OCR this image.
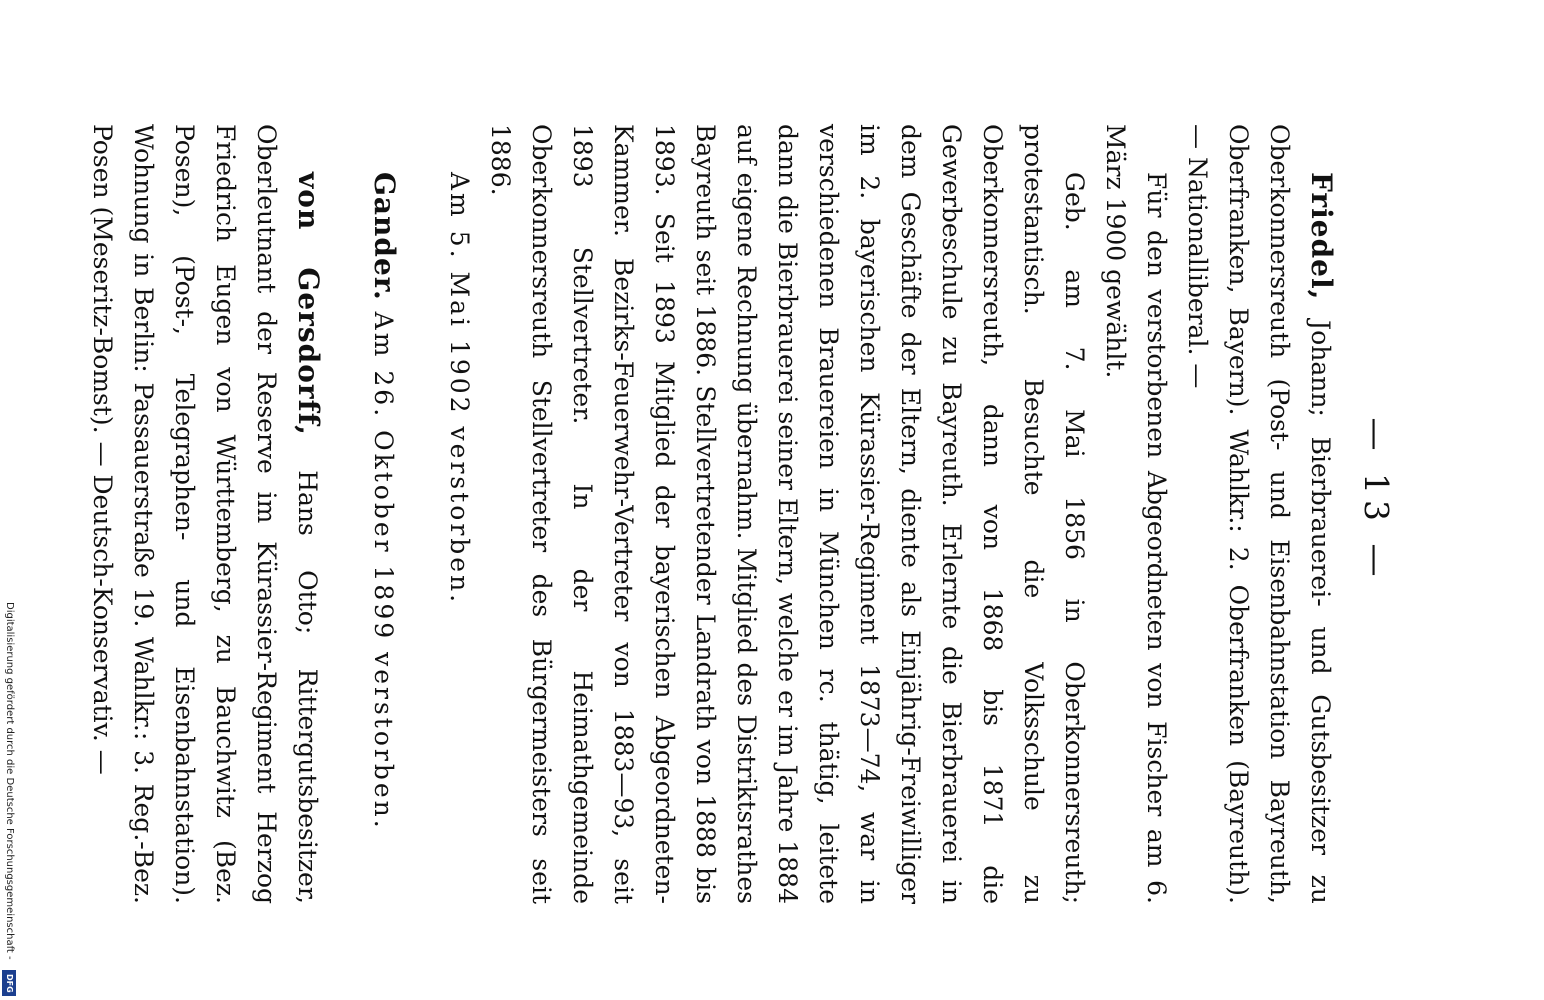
— 13 —

Friedel, Johann; Bierbrauerei- und Gutsbesitzer zu Oberkonnersreuth (Post- und Eisenbahnstation Bayreuth, Oberfranken, Bayern). Wahlkr.: 2. Oberfranken (Bayreuth). — Nationalliberal. —

Für den verstorbenen Abgeordneten von Fischer am 6. März 1900 gewählt.

Geb. am 7. Mai 1856 in Oberkonnersreuth; protestantisch. Besuchte die Volksschule zu Oberkonnersreuth, dann von 1868 bis 1871 die Gewerbeschule zu Bayreuth. Erlernte die Bierbrauerei in dem Geschäfte der Eltern, diente als Einjährig-Freiwilliger im 2. bayerischen Kürassier-Regiment 1873—74, war in verschiedenen Brauereien in München rc. thätig, leitete dann die Bierbrauerei seiner Eltern, welche er im Jahre 1884 auf eigene Rechnung übernahm. Mitglied des Distriktsrathes Bayreuth seit 1886. Stellvertretender Landrath von 1888 bis 1893. Seit 1893 Mitglied der bayerischen Abgeordneten-Kammer. Bezirks-Feuerwehr-Vertreter von 1883—93, seit 1893 Stellvertreter. In der Heimathgemeinde Oberkonnersreuth Stellvertreter des Bürgermeisters seit 1886.

Am 5. Mai 1902 verstorben.

Gander. Am 26. Oktober 1899 verstorben.

von Gersdorff, Hans Otto; Rittergutsbesitzer, Oberleutnant der Reserve im Kürassier-Regiment Herzog Friedrich Eugen von Württemberg, zu Bauchwitz (Bez. Posen), (Post-, Telegraphen- und Eisenbahnstation). Wohnung in Berlin: Passauerstraße 19. Wahlkr.: 3. Reg.-Bez. Posen (Meseritz-Bomst). — Deutsch-Konservativ. —

Digitalisierung gefördert durch die Deutsche Forschungsgemeinschaft -
DFG
